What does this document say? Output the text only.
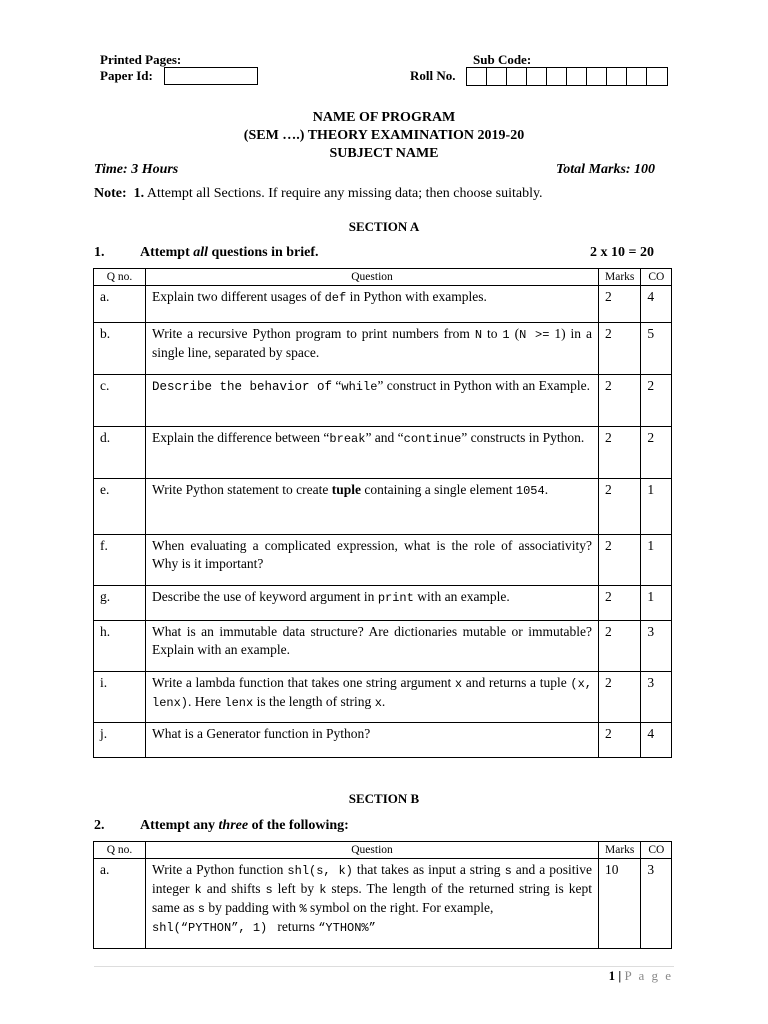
Printed Pages:	Sub Code:
Paper Id:	Roll No.
NAME OF PROGRAM
(SEM ….) THEORY EXAMINATION 2019-20
SUBJECT NAME
Time: 3 Hours	Total Marks: 100
Note: 1. Attempt all Sections. If require any missing data; then choose suitably.
SECTION A
1.	Attempt all questions in brief.	2 x 10 = 20
Q no.	Question	Marks	CO
a.	Explain two different usages of def in Python with examples.	2	4
b.	Write a recursive Python program to print numbers from N to 1 (N >= 1) in a single line, separated by space.	2	5
c.	Describe the behavior of “while” construct in Python with an Example.	2	2
d.	Explain the difference between “break” and “continue” constructs in Python.	2	2
e.	Write Python statement to create tuple containing a single element 1054.	2	1
f.	When evaluating a complicated expression, what is the role of associativity? Why is it important?	2	1
g.	Describe the use of keyword argument in print with an example.	2	1
h.	What is an immutable data structure? Are dictionaries mutable or immutable? Explain with an example.	2	3
i.	Write a lambda function that takes one string argument x and returns a tuple (x, lenx). Here lenx is the length of string x.	2	3
j.	What is a Generator function in Python?	2	4
SECTION B
2.	Attempt any three of the following:
Q no.	Question	Marks	CO
a.	Write a Python function shl(s, k) that takes as input a string s and a positive integer k and shifts s left by k steps. The length of the returned string is kept same as s by padding with % symbol on the right. For example,
shl(“PYTHON”, 1)   returns “YTHON%”	10	3
1 | P a g e
